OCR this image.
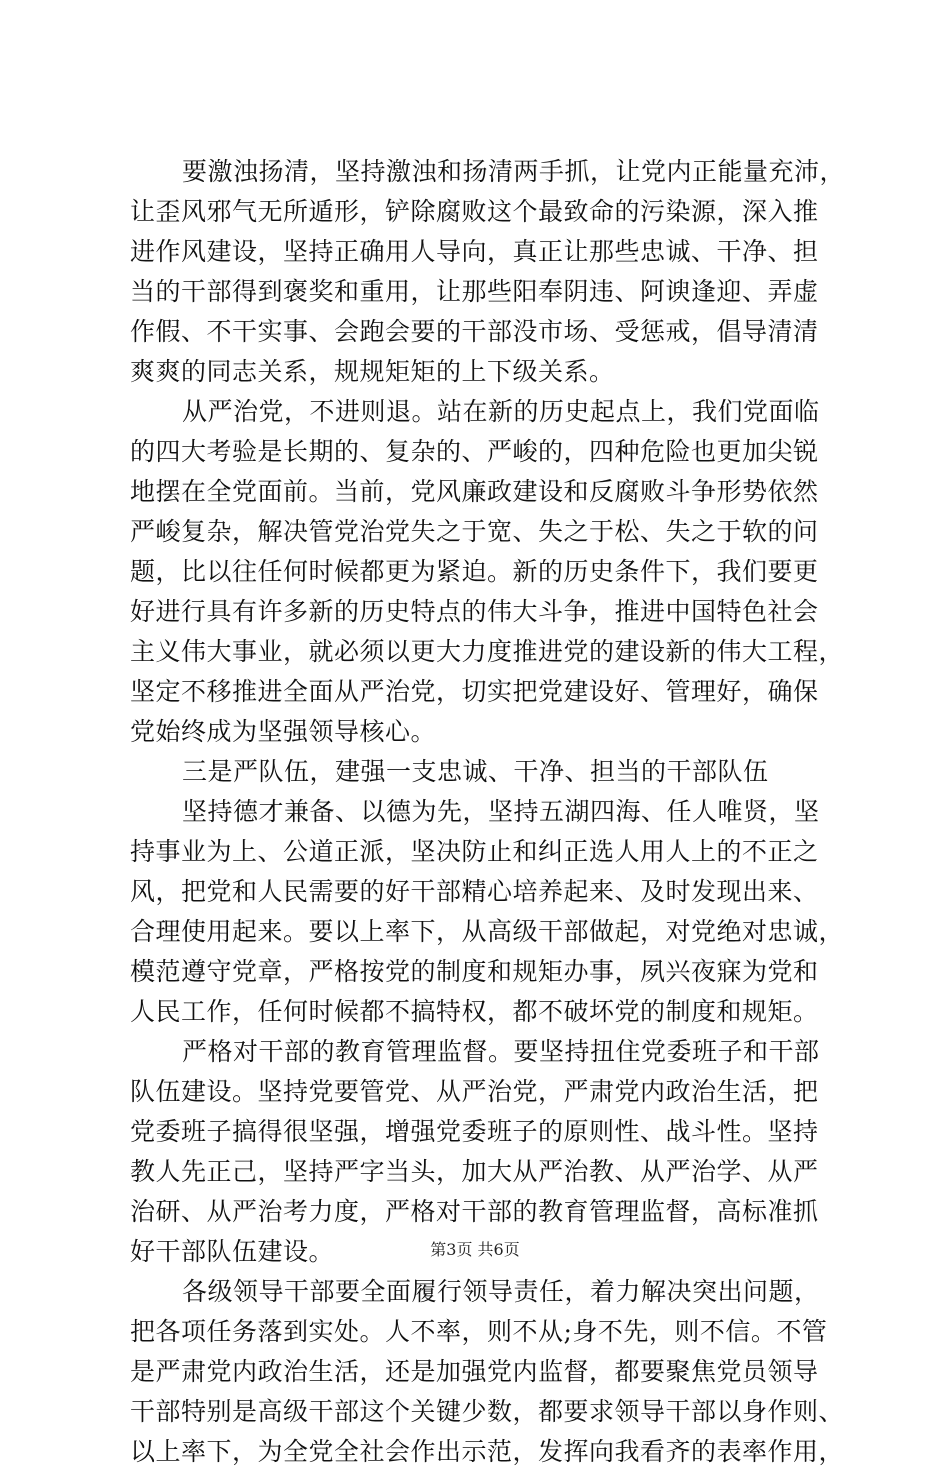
要激浊扬清，坚持激浊和扬清两手抓，让党内正能量充沛，
让歪风邪气无所遁形，铲除腐败这个最致命的污染源，深入推
进作风建设，坚持正确用人导向，真正让那些忠诚、干净、担
当的干部得到褒奖和重用，让那些阳奉阴违、阿谀逢迎、弄虚
作假、不干实事、会跑会要的干部没市场、受惩戒，倡导清清
爽爽的同志关系，规规矩矩的上下级关系。
从严治党，不进则退。站在新的历史起点上，我们党面临
的四大考验是长期的、复杂的、严峻的，四种危险也更加尖锐
地摆在全党面前。当前，党风廉政建设和反腐败斗争形势依然
严峻复杂，解决管党治党失之于宽、失之于松、失之于软的问
题，比以往任何时候都更为紧迫。新的历史条件下，我们要更
好进行具有许多新的历史特点的伟大斗争，推进中国特色社会
主义伟大事业，就必须以更大力度推进党的建设新的伟大工程，
坚定不移推进全面从严治党，切实把党建设好、管理好，确保
党始终成为坚强领导核心。
三是严队伍，建强一支忠诚、干净、担当的干部队伍
坚持德才兼备、以德为先，坚持五湖四海、任人唯贤，坚
持事业为上、公道正派，坚决防止和纠正选人用人上的不正之
风，把党和人民需要的好干部精心培养起来、及时发现出来、
合理使用起来。要以上率下，从高级干部做起，对党绝对忠诚，
模范遵守党章，严格按党的制度和规矩办事，夙兴夜寐为党和
人民工作，任何时候都不搞特权，都不破坏党的制度和规矩。
严格对干部的教育管理监督。要坚持扭住党委班子和干部
队伍建设。坚持党要管党、从严治党，严肃党内政治生活，把
党委班子搞得很坚强，增强党委班子的原则性、战斗性。坚持
教人先正己，坚持严字当头，加大从严治教、从严治学、从严
治研、从严治考力度，严格对干部的教育管理监督，高标准抓
好干部队伍建设。
各级领导干部要全面履行领导责任，着力解决突出问题，
把各项任务落到实处。人不率，则不从;身不先，则不信。不管
是严肃党内政治生活，还是加强党内监督，都要聚焦党员领导
干部特别是高级干部这个关键少数，都要求领导干部以身作则、
以上率下，为全党全社会作出示范，发挥向我看齐的表率作用，
第3页 共6页
